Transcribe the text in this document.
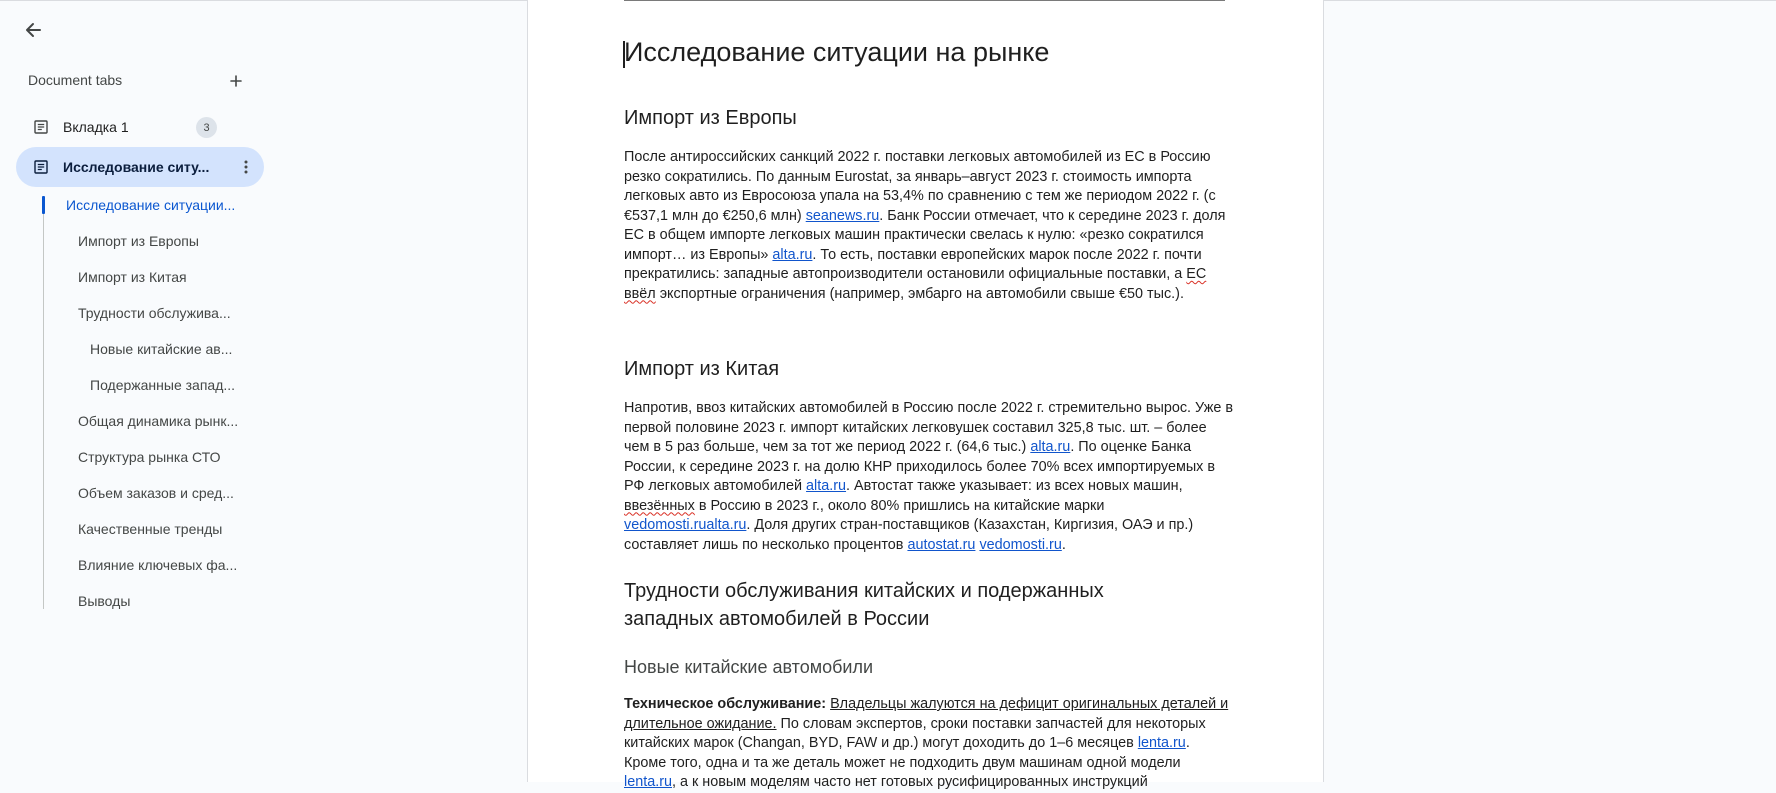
Document tabs
Вкладка 1	3
Исследование ситу...
Исследование ситуации...
Импорт из Европы
Импорт из Китая
Трудности обслужива...
Новые китайские ав...
Подержанные запад...
Общая динамика рынк...
Структура рынка СТО
Объем заказов и сред...
Качественные тренды
Влияние ключевых фа...
Выводы
Исследование ситуации на рынке
Импорт из Европы
После антироссийских санкций 2022 г. поставки легковых автомобилей из ЕС в Россию резко сократились. По данным Eurostat, за январь–август 2023 г. стоимость импорта легковых авто из Евросоюза упала на 53,4% по сравнению с тем же периодом 2022 г. (с €537,1 млн до €250,6 млн) seanews.ru. Банк России отмечает, что к середине 2023 г. доля ЕС в общем импорте легковых машин практически свелась к нулю: «резко сократился импорт… из Европы» alta.ru. То есть, поставки европейских марок после 2022 г. почти прекратились: западные автопроизводители остановили официальные поставки, а ЕС ввёл экспортные ограничения (например, эмбарго на автомобили свыше €50 тыс.).
Импорт из Китая
Напротив, ввоз китайских автомобилей в Россию после 2022 г. стремительно вырос. Уже в первой половине 2023 г. импорт китайских легковушек составил 325,8 тыс. шт. – более чем в 5 раз больше, чем за тот же период 2022 г. (64,6 тыс.) alta.ru. По оценке Банка России, к середине 2023 г. на долю КНР приходилось более 70% всех импортируемых в РФ легковых автомобилей alta.ru. Автостат также указывает: из всех новых машин, ввезённых в Россию в 2023 г., около 80% пришлись на китайские марки vedomosti.rualta.ru. Доля других стран-поставщиков (Казахстан, Киргизия, ОАЭ и пр.) составляет лишь по несколько процентов autostat.ru vedomosti.ru.
Трудности обслуживания китайских и подержанных западных автомобилей в России
Новые китайские автомобили
Техническое обслуживание: Владельцы жалуются на дефицит оригинальных деталей и длительное ожидание. По словам экспертов, сроки поставки запчастей для некоторых китайских марок (Changan, BYD, FAW и др.) могут доходить до 1–6 месяцев lenta.ru. Кроме того, одна и та же деталь может не подходить двум машинам одной модели lenta.ru, а к новым моделям часто нет готовых русифицированных инструкций
